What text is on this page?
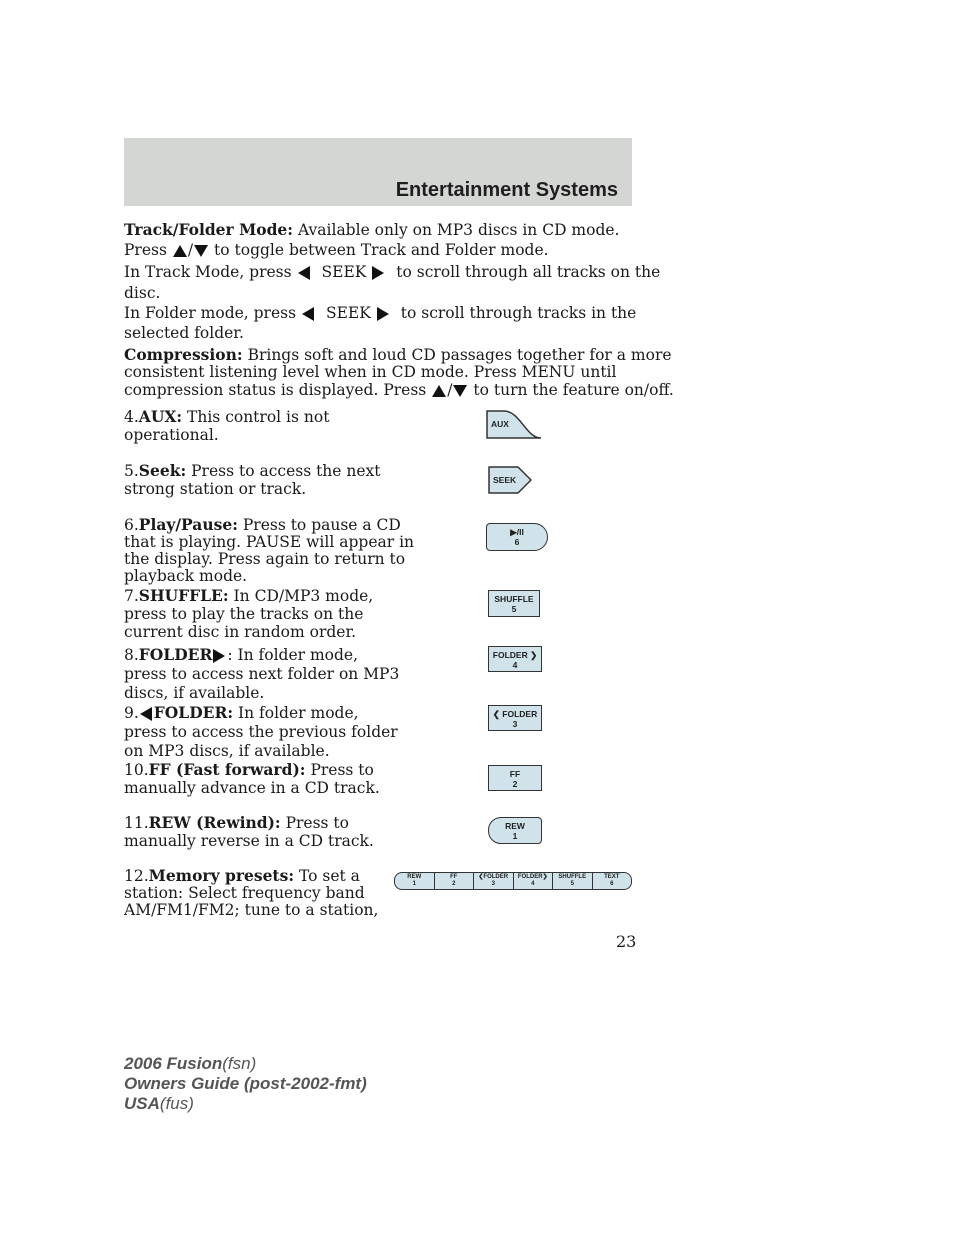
Entertainment Systems
Track/Folder Mode: Available only on MP3 discs in CD mode.
Press / to toggle between Track and Folder mode.
In Track Mode, press SEEK to scroll through all tracks on the
disc.
In Folder mode, press SEEK to scroll through tracks in the
selected folder.
Compression: Brings soft and loud CD passages together for a more
consistent listening level when in CD mode. Press MENU until
compression status is displayed. Press / to turn the feature on/off.
4.AUX: This control is not
operational.
5.Seek: Press to access the next
strong station or track.
6.Play/Pause: Press to pause a CD
that is playing. PAUSE will appear in
the display. Press again to return to
playback mode.
7.SHUFFLE: In CD/MP3 mode,
press to play the tracks on the
current disc in random order.
8.FOLDER : In folder mode,
press to access next folder on MP3
discs, if available.
9. FOLDER: In folder mode,
press to access the previous folder
on MP3 discs, if available.
10.FF (Fast forward): Press to
manually advance in a CD track.
11.REW (Rewind): Press to
manually reverse in a CD track.
12.Memory presets: To set a
station: Select frequency band
AM/FM1/FM2; tune to a station,
AUX
SEEK
▶/II
6
SHUFFLE
5
FOLDER ❯
4
❮ FOLDER
3
FF
2
REW
1
REW
1
FF
2
❮FOLDER
3
FOLDER❯
4
SHUFFLE
5
TEXT
6
23
2006 Fusion(fsn)
Owners Guide (post-2002-fmt)
USA(fus)
